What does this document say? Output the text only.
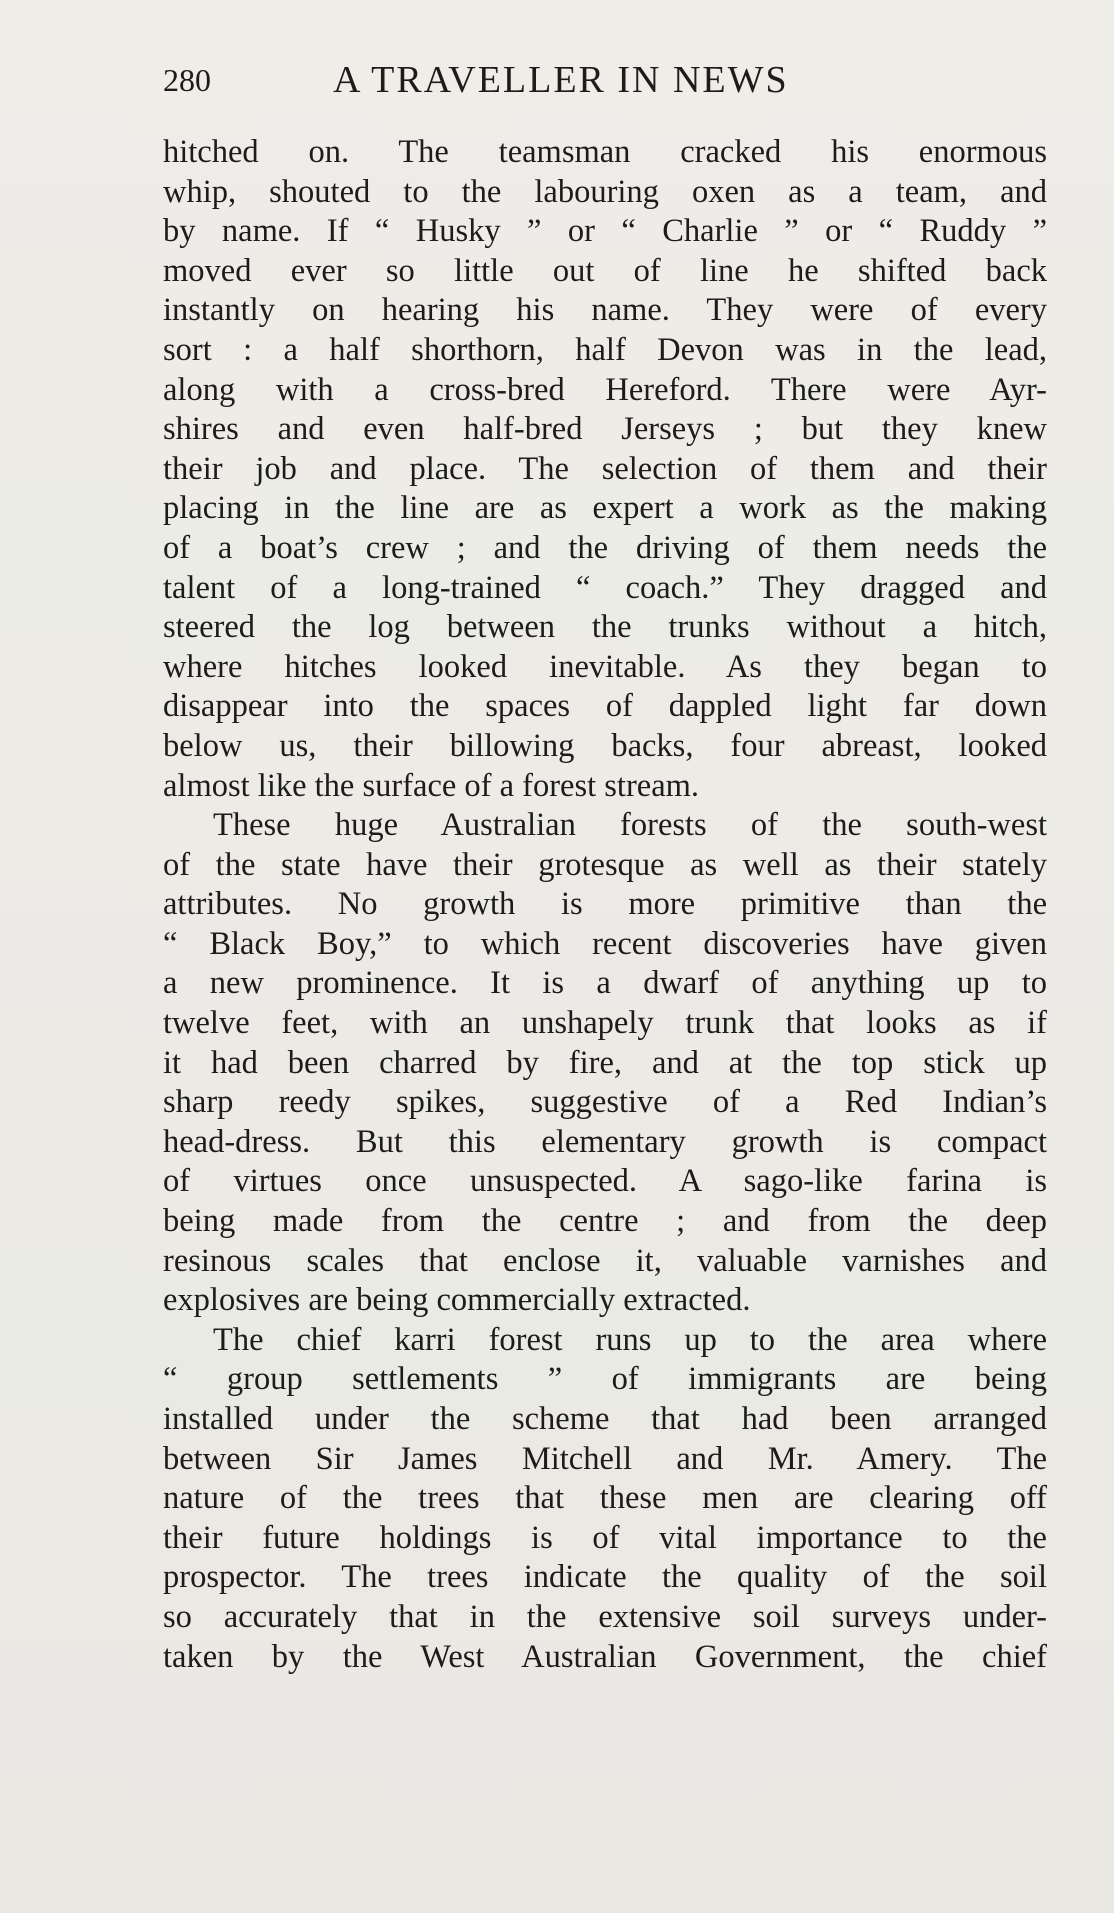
280	A TRAVELLER IN NEWS
hitched on. The teamsman cracked his enormous
whip, shouted to the labouring oxen as a team, and
by name. If “ Husky ” or “ Charlie ” or “ Ruddy ”
moved ever so little out of line he shifted back
instantly on hearing his name. They were of every
sort : a half shorthorn, half Devon was in the lead,
along with a cross-bred Hereford. There were Ayr-
shires and even half-bred Jerseys ; but they knew
their job and place. The selection of them and their
placing in the line are as expert a work as the making
of a boat’s crew ; and the driving of them needs the
talent of a long-trained “ coach.” They dragged and
steered the log between the trunks without a hitch,
where hitches looked inevitable. As they began to
disappear into the spaces of dappled light far down
below us, their billowing backs, four abreast, looked
almost like the surface of a forest stream.
These huge Australian forests of the south-west
of the state have their grotesque as well as their stately
attributes. No growth is more primitive than the
“ Black Boy,” to which recent discoveries have given
a new prominence. It is a dwarf of anything up to
twelve feet, with an unshapely trunk that looks as if
it had been charred by fire, and at the top stick up
sharp reedy spikes, suggestive of a Red Indian’s
head-dress. But this elementary growth is compact
of virtues once unsuspected. A sago-like farina is
being made from the centre ; and from the deep
resinous scales that enclose it, valuable varnishes and
explosives are being commercially extracted.
The chief karri forest runs up to the area where
“ group settlements ” of immigrants are being
installed under the scheme that had been arranged
between Sir James Mitchell and Mr. Amery. The
nature of the trees that these men are clearing off
their future holdings is of vital importance to the
prospector. The trees indicate the quality of the soil
so accurately that in the extensive soil surveys under-
taken by the West Australian Government, the chief
